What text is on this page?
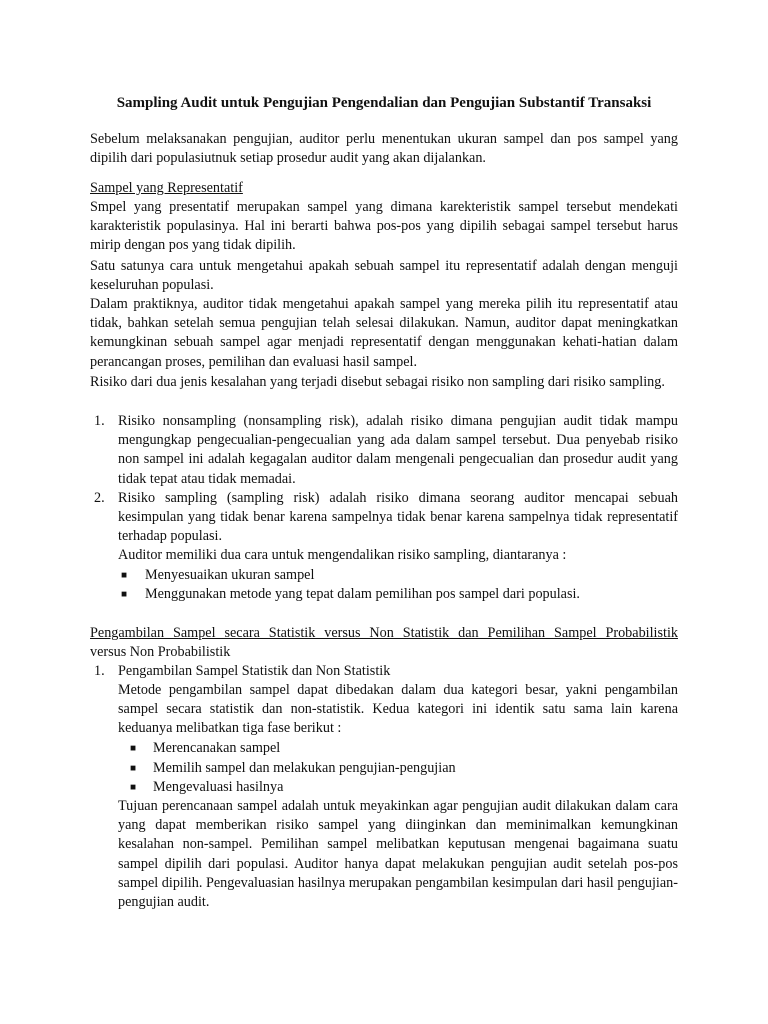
Sampling Audit untuk Pengujian Pengendalian dan Pengujian Substantif Transaksi
Sebelum melaksanakan pengujian, auditor perlu menentukan ukuran sampel dan pos sampel yang dipilih dari populasiutnuk setiap prosedur audit yang akan dijalankan.
Sampel yang Representatif
Smpel yang presentatif merupakan sampel yang dimana karekteristik sampel tersebut mendekati karakteristik populasinya. Hal ini berarti bahwa pos-pos yang dipilih sebagai sampel tersebut harus mirip dengan pos yang tidak dipilih.
Satu satunya cara untuk mengetahui apakah sebuah sampel itu representatif adalah dengan menguji keseluruhan populasi.
Dalam praktiknya, auditor tidak mengetahui apakah sampel yang mereka pilih itu representatif atau tidak, bahkan setelah semua pengujian telah selesai dilakukan. Namun, auditor dapat meningkatkan kemungkinan sebuah sampel agar menjadi representatif dengan menggunakan kehati-hatian dalam perancangan proses, pemilihan dan evaluasi hasil sampel.
Risiko dari dua jenis kesalahan yang terjadi disebut sebagai risiko non sampling dari risiko sampling.
1. Risiko nonsampling (nonsampling risk), adalah risiko dimana pengujian audit tidak mampu mengungkap pengecualian-pengecualian yang ada dalam sampel tersebut. Dua penyebab risiko non sampel ini adalah kegagalan auditor dalam mengenali pengecualian dan prosedur audit yang tidak tepat atau tidak memadai.
2. Risiko sampling (sampling risk) adalah risiko dimana seorang auditor mencapai sebuah kesimpulan yang tidak benar karena sampelnya tidak benar karena sampelnya tidak representatif terhadap populasi.
Auditor memiliki dua cara untuk mengendalikan risiko sampling, diantaranya :
■ Menyesuaikan ukuran sampel
■ Menggunakan metode yang tepat dalam pemilihan pos sampel dari populasi.
Pengambilan Sampel secara Statistik versus Non Statistik dan Pemilihan Sampel Probabilistik
versus Non Probabilistik
1. Pengambilan Sampel Statistik dan Non Statistik
Metode pengambilan sampel dapat dibedakan dalam dua kategori besar, yakni pengambilan sampel secara statistik dan non-statistik. Kedua kategori ini identik satu sama lain karena keduanya melibatkan tiga fase berikut :
■ Merencanakan sampel
■ Memilih sampel dan melakukan pengujian-pengujian
■ Mengevaluasi hasilnya
Tujuan perencanaan sampel adalah untuk meyakinkan agar pengujian audit dilakukan dalam cara yang dapat memberikan risiko sampel yang diinginkan dan meminimalkan kemungkinan kesalahan non-sampel. Pemilihan sampel melibatkan keputusan mengenai bagaimana suatu sampel dipilih dari populasi. Auditor hanya dapat melakukan pengujian audit setelah pos-pos sampel dipilih. Pengevaluasian hasilnya merupakan pengambilan kesimpulan dari hasil pengujian-pengujian audit.
